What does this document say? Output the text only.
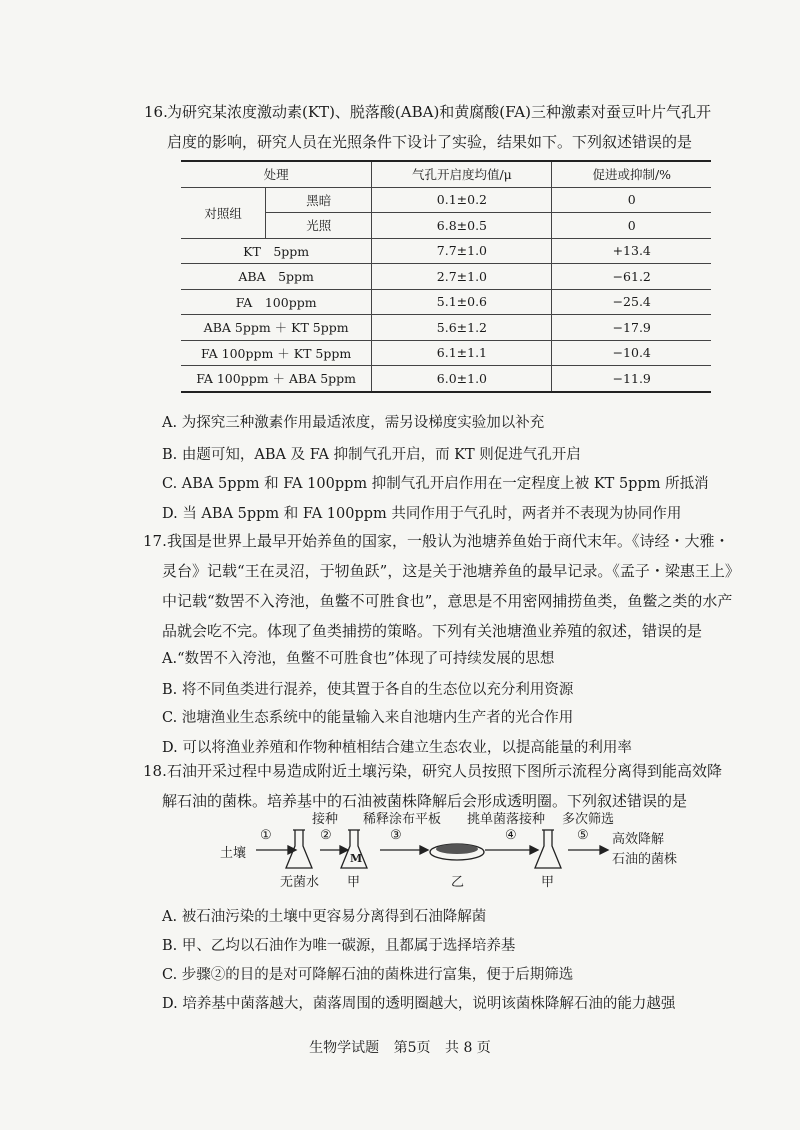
16. 为研究某浓度激动素(KT)、脱落酸(ABA)和黄腐酸(FA)三种激素对蚕豆叶片气孔开
启度的影响，研究人员在光照条件下设计了实验，结果如下。下列叙述错误的是
处理		气孔开启度均值/μ	促进或抑制/%
对照组	黑暗	0.1±0.2	0
	光照	6.8±0.5	0
KT　5ppm		7.7±1.0	+13.4
ABA　5ppm		2.7±1.0	−61.2
FA　100ppm		5.1±0.6	−25.4
ABA 5ppm ＋ KT 5ppm		5.6±1.2	−17.9
FA 100ppm ＋ KT 5ppm		6.1±1.1	−10.4
FA 100ppm ＋ ABA 5ppm		6.0±1.0	−11.9
A. 为探究三种激素作用最适浓度，需另设梯度实验加以补充
B. 由题可知，ABA 及 FA 抑制气孔开启，而 KT 则促进气孔开启
C. ABA 5ppm 和 FA 100ppm 抑制气孔开启作用在一定程度上被 KT 5ppm 所抵消
D. 当 ABA 5ppm 和 FA 100ppm 共同作用于气孔时，两者并不表现为协同作用
17. 我国是世界上最早开始养鱼的国家，一般认为池塘养鱼始于商代末年。《诗经・大雅・
灵台》记载“王在灵沼，于牣鱼跃”，这是关于池塘养鱼的最早记录。《孟子・梁惠王上》
中记载“数罟不入洿池，鱼鳖不可胜食也”，意思是不用密网捕捞鱼类，鱼鳖之类的水产
品就会吃不完。体现了鱼类捕捞的策略。下列有关池塘渔业养殖的叙述，错误的是
A.“数罟不入洿池，鱼鳖不可胜食也”体现了可持续发展的思想
B. 将不同鱼类进行混养，使其置于各自的生态位以充分利用资源
C. 池塘渔业生态系统中的能量输入来自池塘内生产者的光合作用
D. 可以将渔业养殖和作物种植相结合建立生态农业，以提高能量的利用率
18. 石油开采过程中易造成附近土壤污染，研究人员按照下图所示流程分离得到能高效降
解石油的菌株。培养基中的石油被菌株降解后会形成透明圈。下列叙述错误的是
土壤
①	②	③	④	⑤
接种 稀释涂布平板 挑单菌落接种 多次筛选
M
无菌水 甲	乙	甲
高效降解
石油的菌株
A. 被石油污染的土壤中更容易分离得到石油降解菌
B. 甲、乙均以石油作为唯一碳源，且都属于选择培养基
C. 步骤②的目的是对可降解石油的菌株进行富集，便于后期筛选
D. 培养基中菌落越大，菌落周围的透明圈越大，说明该菌株降解石油的能力越强
生物学试题 第5页 共 8 页
